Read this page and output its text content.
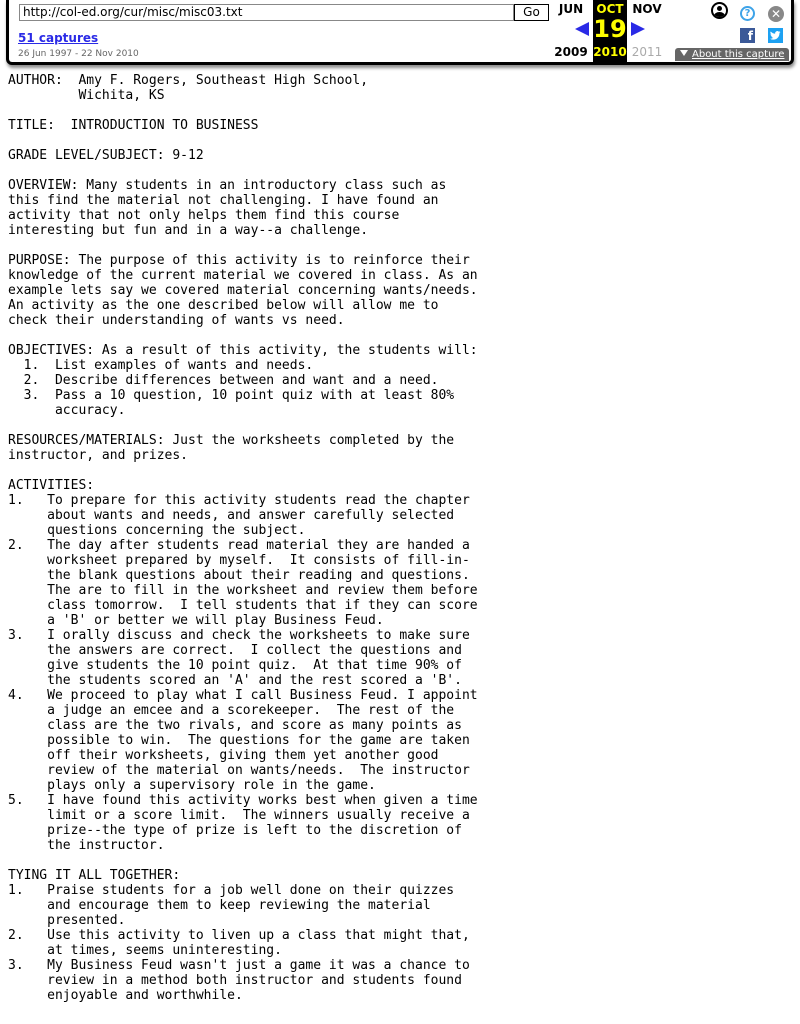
http://col-ed.org/cur/misc/misc03.txt	Go
51 captures
26 Jun 1997 - 22 Nov 2010
JUN
2009
OCT
19
2010
NOV
2011
?	✕
f
About this capture
AUTHOR:  Amy F. Rogers, Southeast High School,
Wichita, KS
TITLE:  INTRODUCTION TO BUSINESS
GRADE LEVEL/SUBJECT: 9-12
OVERVIEW: Many students in an introductory class such as
this find the material not challenging. I have found an
activity that not only helps them find this course
interesting but fun and in a way--a challenge.
PURPOSE: The purpose of this activity is to reinforce their
knowledge of the current material we covered in class. As an
example lets say we covered material concerning wants/needs.
An activity as the one described below will allow me to
check their understanding of wants vs need.
OBJECTIVES: As a result of this activity, the students will:
1.  List examples of wants and needs.
2.  Describe differences between and want and a need.
3.  Pass a 10 question, 10 point quiz with at least 80%
accuracy.
RESOURCES/MATERIALS: Just the worksheets completed by the
instructor, and prizes.
ACTIVITIES:
1.   To prepare for this activity students read the chapter
about wants and needs, and answer carefully selected
questions concerning the subject.
2.   The day after students read material they are handed a
worksheet prepared by myself.  It consists of fill-in-
the blank questions about their reading and questions.
The are to fill in the worksheet and review them before
class tomorrow.  I tell students that if they can score
a 'B' or better we will play Business Feud.
3.   I orally discuss and check the worksheets to make sure
the answers are correct.  I collect the questions and
give students the 10 point quiz.  At that time 90% of
the students scored an 'A' and the rest scored a 'B'.
4.   We proceed to play what I call Business Feud. I appoint
a judge an emcee and a scorekeeper.  The rest of the
class are the two rivals, and score as many points as
possible to win.  The questions for the game are taken
off their worksheets, giving them yet another good
review of the material on wants/needs.  The instructor
plays only a supervisory role in the game.
5.   I have found this activity works best when given a time
limit or a score limit.  The winners usually receive a
prize--the type of prize is left to the discretion of
the instructor.
TYING IT ALL TOGETHER:
1.   Praise students for a job well done on their quizzes
and encourage them to keep reviewing the material
presented.
2.   Use this activity to liven up a class that might that,
at times, seems uninteresting.
3.   My Business Feud wasn't just a game it was a chance to
review in a method both instructor and students found
enjoyable and worthwhile.
